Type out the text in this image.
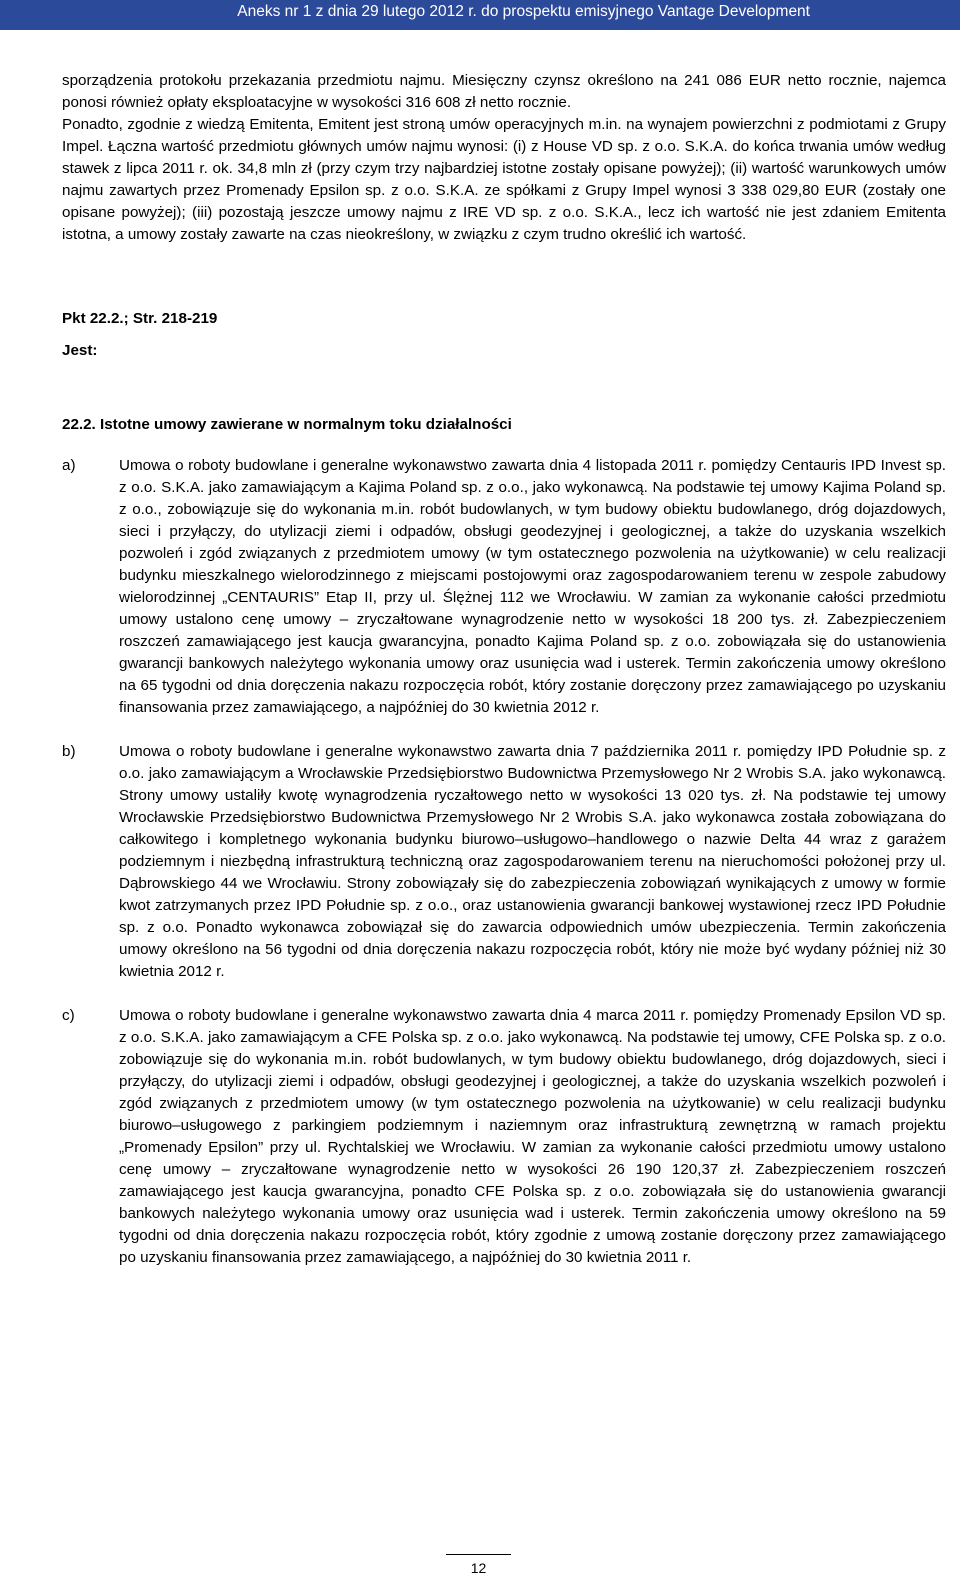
Aneks nr 1 z dnia 29 lutego 2012 r. do prospektu emisyjnego Vantage Development

sporządzenia protokołu przekazania przedmiotu najmu. Miesięczny czynsz określono na 241 086 EUR netto rocznie, najemca ponosi również opłaty eksploatacyjne w wysokości 316 608 zł netto rocznie.

Ponadto, zgodnie z wiedzą Emitenta, Emitent jest stroną umów operacyjnych m.in. na wynajem powierzchni z podmiotami z Grupy Impel. Łączna wartość przedmiotu głównych umów najmu wynosi: (i) z House VD sp. z o.o. S.K.A. do końca trwania umów według stawek z lipca 2011 r. ok. 34,8 mln zł (przy czym trzy najbardziej istotne zostały opisane powyżej); (ii) wartość warunkowych umów najmu zawartych przez Promenady Epsilon sp. z o.o. S.K.A. ze spółkami z Grupy Impel wynosi 3 338 029,80 EUR (zostały one opisane powyżej); (iii) pozostają jeszcze umowy najmu z IRE VD sp. z o.o. S.K.A., lecz ich wartość nie jest zdaniem Emitenta istotna, a umowy zostały zawarte na czas nieokreślony, w związku z czym trudno określić ich wartość.

Pkt 22.2.; Str. 218-219

Jest:

22.2. Istotne umowy zawierane w normalnym toku działalności

a)	Umowa o roboty budowlane i generalne wykonawstwo zawarta dnia 4 listopada 2011 r. pomiędzy Centauris IPD Invest sp. z o.o. S.K.A. jako zamawiającym a Kajima Poland sp. z o.o., jako wykonawcą. Na podstawie tej umowy Kajima Poland sp. z o.o., zobowiązuje się do wykonania m.in. robót budowlanych, w tym budowy obiektu budowlanego, dróg dojazdowych, sieci i przyłączy, do utylizacji ziemi i odpadów, obsługi geodezyjnej i geologicznej, a także do uzyskania wszelkich pozwoleń i zgód związanych z przedmiotem umowy (w tym ostatecznego pozwolenia na użytkowanie) w celu realizacji budynku mieszkalnego wielorodzinnego z miejscami postojowymi oraz zagospodarowaniem terenu w zespole zabudowy wielorodzinnej „CENTAURIS” Etap II, przy ul. Ślężnej 112 we Wrocławiu. W zamian za wykonanie całości przedmiotu umowy ustalono cenę umowy – zryczałtowane wynagrodzenie netto w wysokości 18 200 tys. zł. Zabezpieczeniem roszczeń zamawiającego jest kaucja gwarancyjna, ponadto Kajima Poland sp. z o.o. zobowiązała się do ustanowienia gwarancji bankowych należytego wykonania umowy oraz usunięcia wad i usterek. Termin zakończenia umowy określono na 65 tygodni od dnia doręczenia nakazu rozpoczęcia robót, który zostanie doręczony przez zamawiającego po uzyskaniu finansowania przez zamawiającego, a najpóźniej do 30 kwietnia 2012 r.
b)	Umowa o roboty budowlane i generalne wykonawstwo zawarta dnia 7 października 2011 r. pomiędzy IPD Południe sp. z o.o. jako zamawiającym a Wrocławskie Przedsiębiorstwo Budownictwa Przemysłowego Nr 2 Wrobis S.A. jako wykonawcą. Strony umowy ustaliły kwotę wynagrodzenia ryczałtowego netto w wysokości 13 020 tys. zł. Na podstawie tej umowy Wrocławskie Przedsiębiorstwo Budownictwa Przemysłowego Nr 2 Wrobis S.A. jako wykonawca została zobowiązana do całkowitego i kompletnego wykonania budynku biurowo–usługowo–handlowego o nazwie Delta 44 wraz z garażem podziemnym i niezbędną infrastrukturą techniczną oraz zagospodarowaniem terenu na nieruchomości położonej przy ul. Dąbrowskiego 44 we Wrocławiu. Strony zobowiązały się do zabezpieczenia zobowiązań wynikających z umowy w formie kwot zatrzymanych przez IPD Południe sp. z o.o., oraz ustanowienia gwarancji bankowej wystawionej rzecz IPD Południe sp. z o.o. Ponadto wykonawca zobowiązał się do zawarcia odpowiednich umów ubezpieczenia. Termin zakończenia umowy określono na 56 tygodni od dnia doręczenia nakazu rozpoczęcia robót, który nie może być wydany później niż 30 kwietnia 2012 r.
c)	Umowa o roboty budowlane i generalne wykonawstwo zawarta dnia 4 marca 2011 r. pomiędzy Promenady Epsilon VD sp. z o.o. S.K.A. jako zamawiającym a CFE Polska sp. z o.o. jako wykonawcą. Na podstawie tej umowy, CFE Polska sp. z o.o. zobowiązuje się do wykonania m.in. robót budowlanych, w tym budowy obiektu budowlanego, dróg dojazdowych, sieci i przyłączy, do utylizacji ziemi i odpadów, obsługi geodezyjnej i geologicznej, a także do uzyskania wszelkich pozwoleń i zgód związanych z przedmiotem umowy (w tym ostatecznego pozwolenia na użytkowanie) w celu realizacji budynku biurowo–usługowego z parkingiem podziemnym i naziemnym oraz infrastrukturą zewnętrzną w ramach projektu „Promenady Epsilon” przy ul. Rychtalskiej we Wrocławiu. W zamian za wykonanie całości przedmiotu umowy ustalono cenę umowy – zryczałtowane wynagrodzenie netto w wysokości 26 190 120,37 zł. Zabezpieczeniem roszczeń zamawiającego jest kaucja gwarancyjna, ponadto CFE Polska sp. z o.o. zobowiązała się do ustanowienia gwarancji bankowych należytego wykonania umowy oraz usunięcia wad i usterek. Termin zakończenia umowy określono na 59 tygodni od dnia doręczenia nakazu rozpoczęcia robót, który zgodnie z umową zostanie doręczony przez zamawiającego po uzyskaniu finansowania przez zamawiającego, a najpóźniej do 30 kwietnia 2011 r.
12
